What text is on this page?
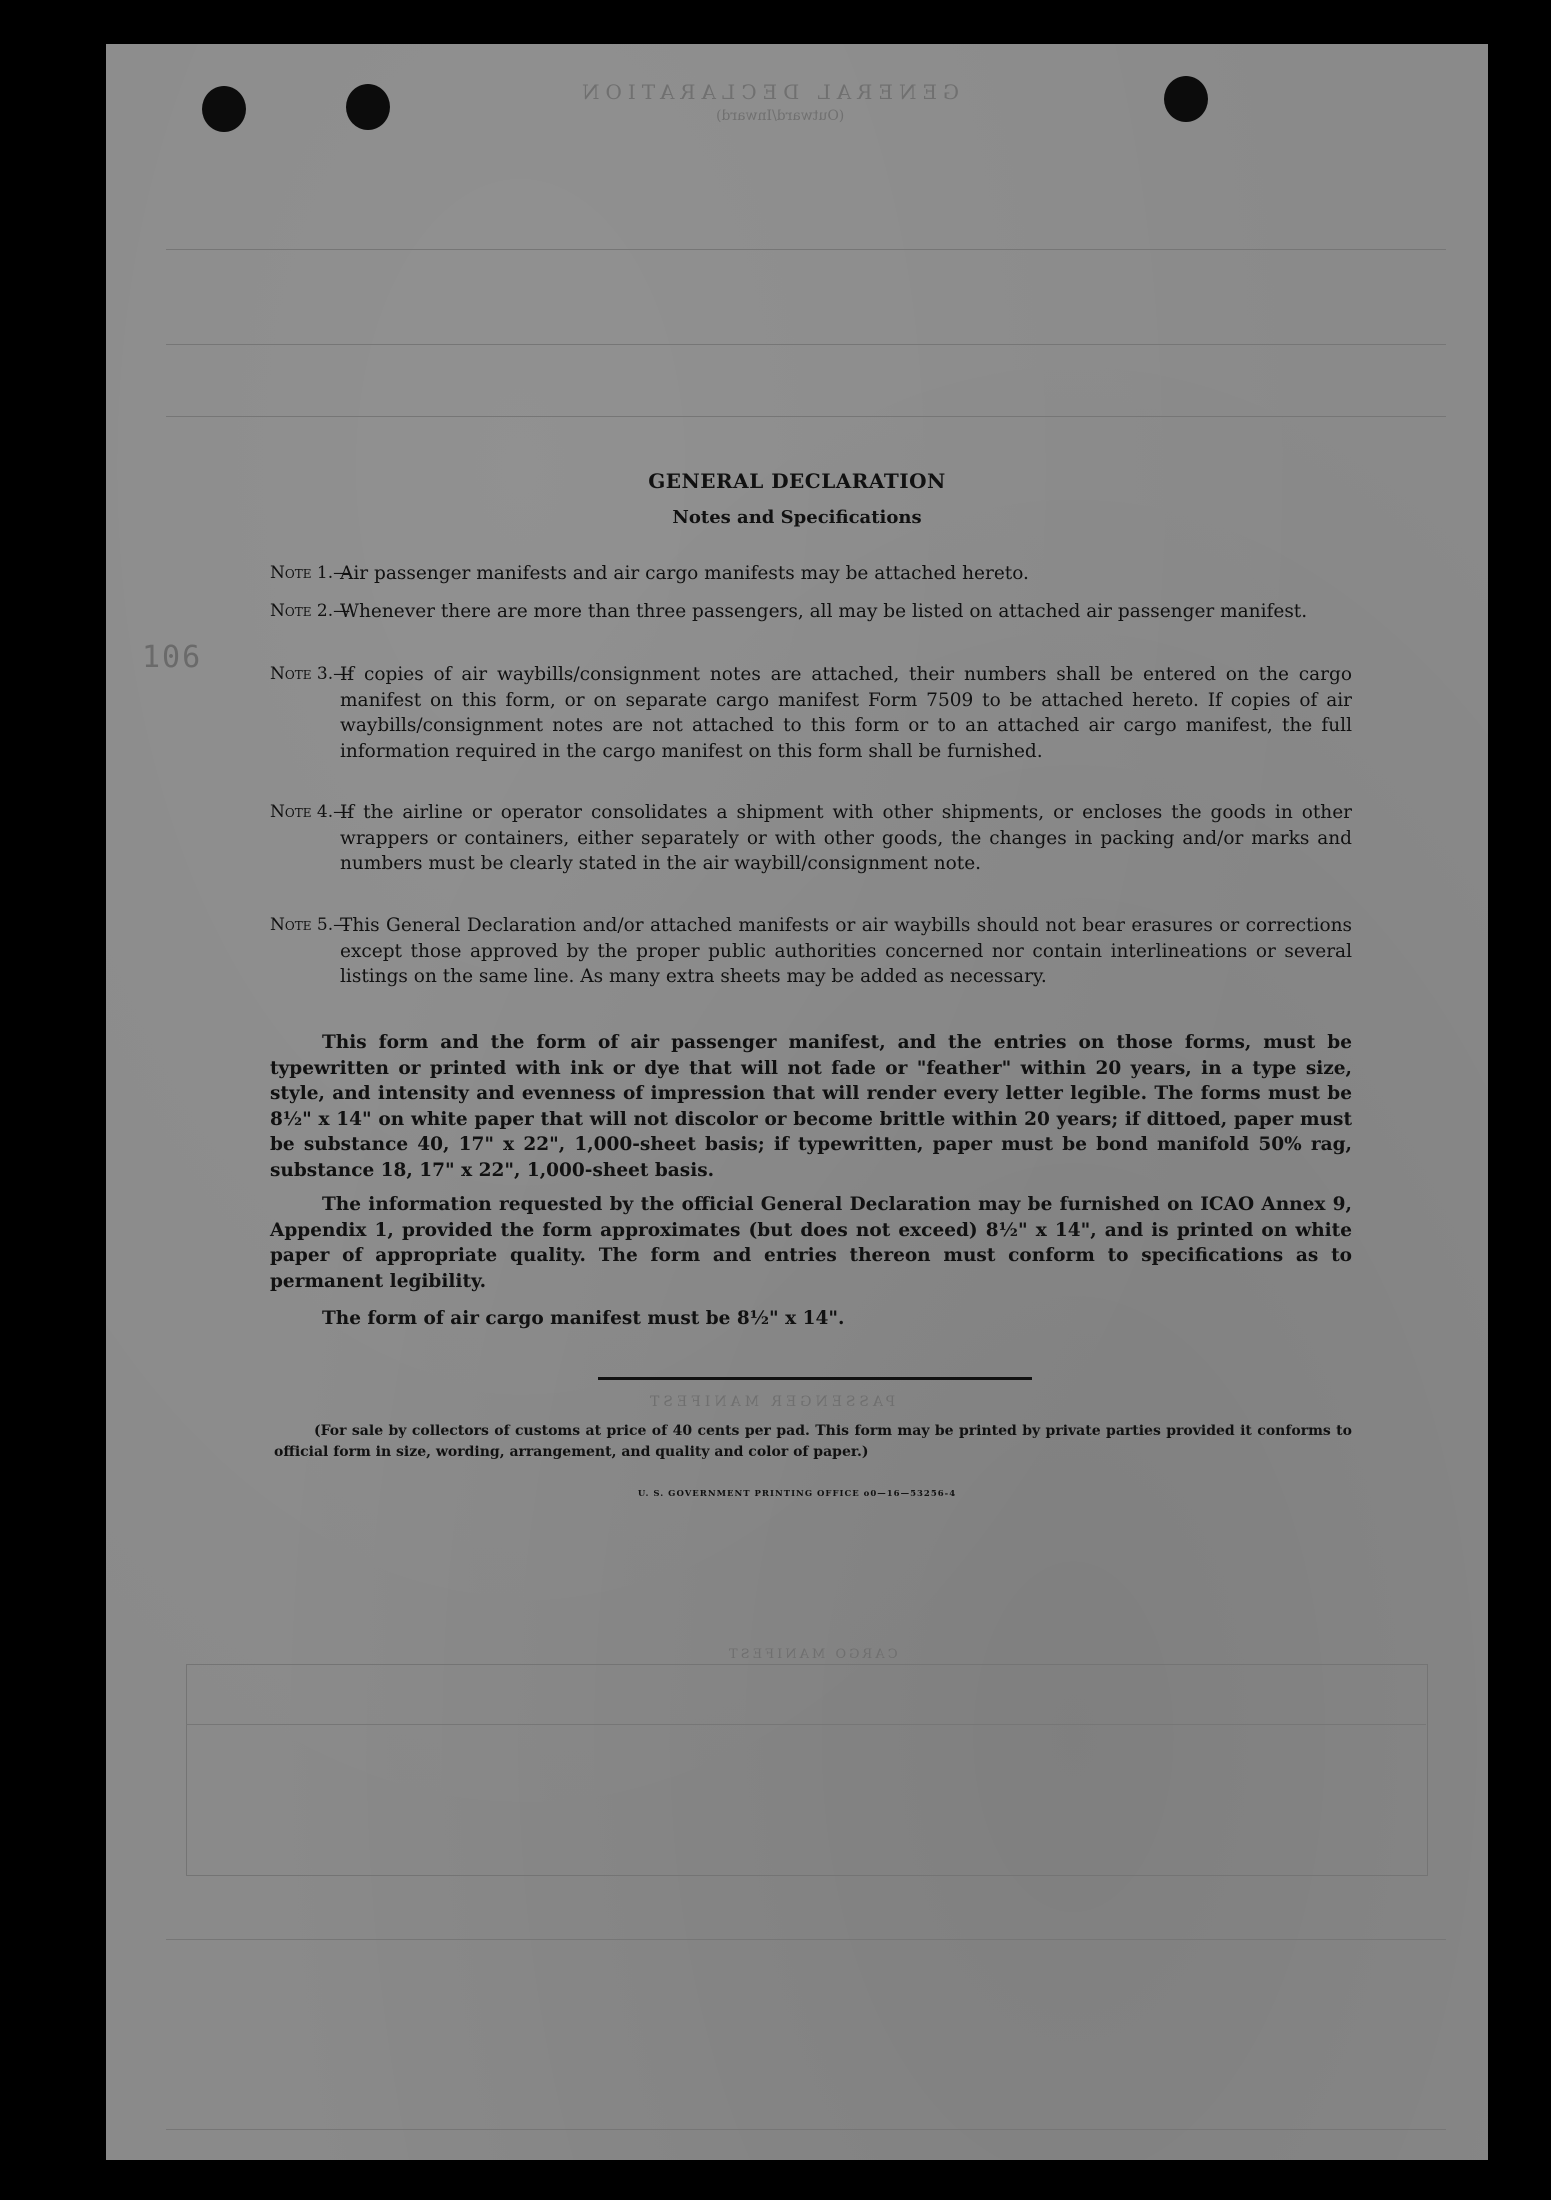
GENERAL DECLARATION
(Outward/Inward)
PASSENGER MANIFEST
CARGO MANIFEST
106
GENERAL DECLARATION
Notes and Specifications
Note 1.—
Air passenger manifests and air cargo manifests may be attached hereto.
Note 2.—
Whenever there are more than three passengers, all may be listed on attached air passenger manifest.
Note 3.—
If copies of air waybills/consignment notes are attached, their numbers shall be entered on the cargo manifest on this form, or on separate cargo manifest Form 7509 to be attached hereto. If copies of air waybills/consignment notes are not attached to this form or to an attached air cargo manifest, the full information required in the cargo manifest on this form shall be furnished.
Note 4.—
If the airline or operator consolidates a shipment with other shipments, or encloses the goods in other wrappers or containers, either separately or with other goods, the changes in packing and/or marks and numbers must be clearly stated in the air waybill/consignment note.
Note 5.—
This General Declaration and/or attached manifests or air waybills should not bear erasures or corrections except those approved by the proper public authorities concerned nor contain interlineations or several listings on the same line. As many extra sheets may be added as necessary.
This form and the form of air passenger manifest, and the entries on those forms, must be typewritten or printed with ink or dye that will not fade or "feather" within 20 years, in a type size, style, and intensity and evenness of impression that will render every letter legible. The forms must be 8½" x 14" on white paper that will not discolor or become brittle within 20 years; if dittoed, paper must be substance 40, 17" x 22", 1,000-sheet basis; if typewritten, paper must be bond manifold 50% rag, substance 18, 17" x 22", 1,000-sheet basis.
The information requested by the official General Declaration may be furnished on ICAO Annex 9, Appendix 1, provided the form approximates (but does not exceed) 8½" x 14", and is printed on white paper of appropriate quality. The form and entries thereon must conform to specifications as to permanent legibility.
The form of air cargo manifest must be 8½" x 14".
(For sale by collectors of customs at price of 40 cents per pad. This form may be printed by private parties provided it conforms to official form in size, wording, arrangement, and quality and color of paper.)
U. S. GOVERNMENT PRINTING OFFICE o0—16—53256-4
